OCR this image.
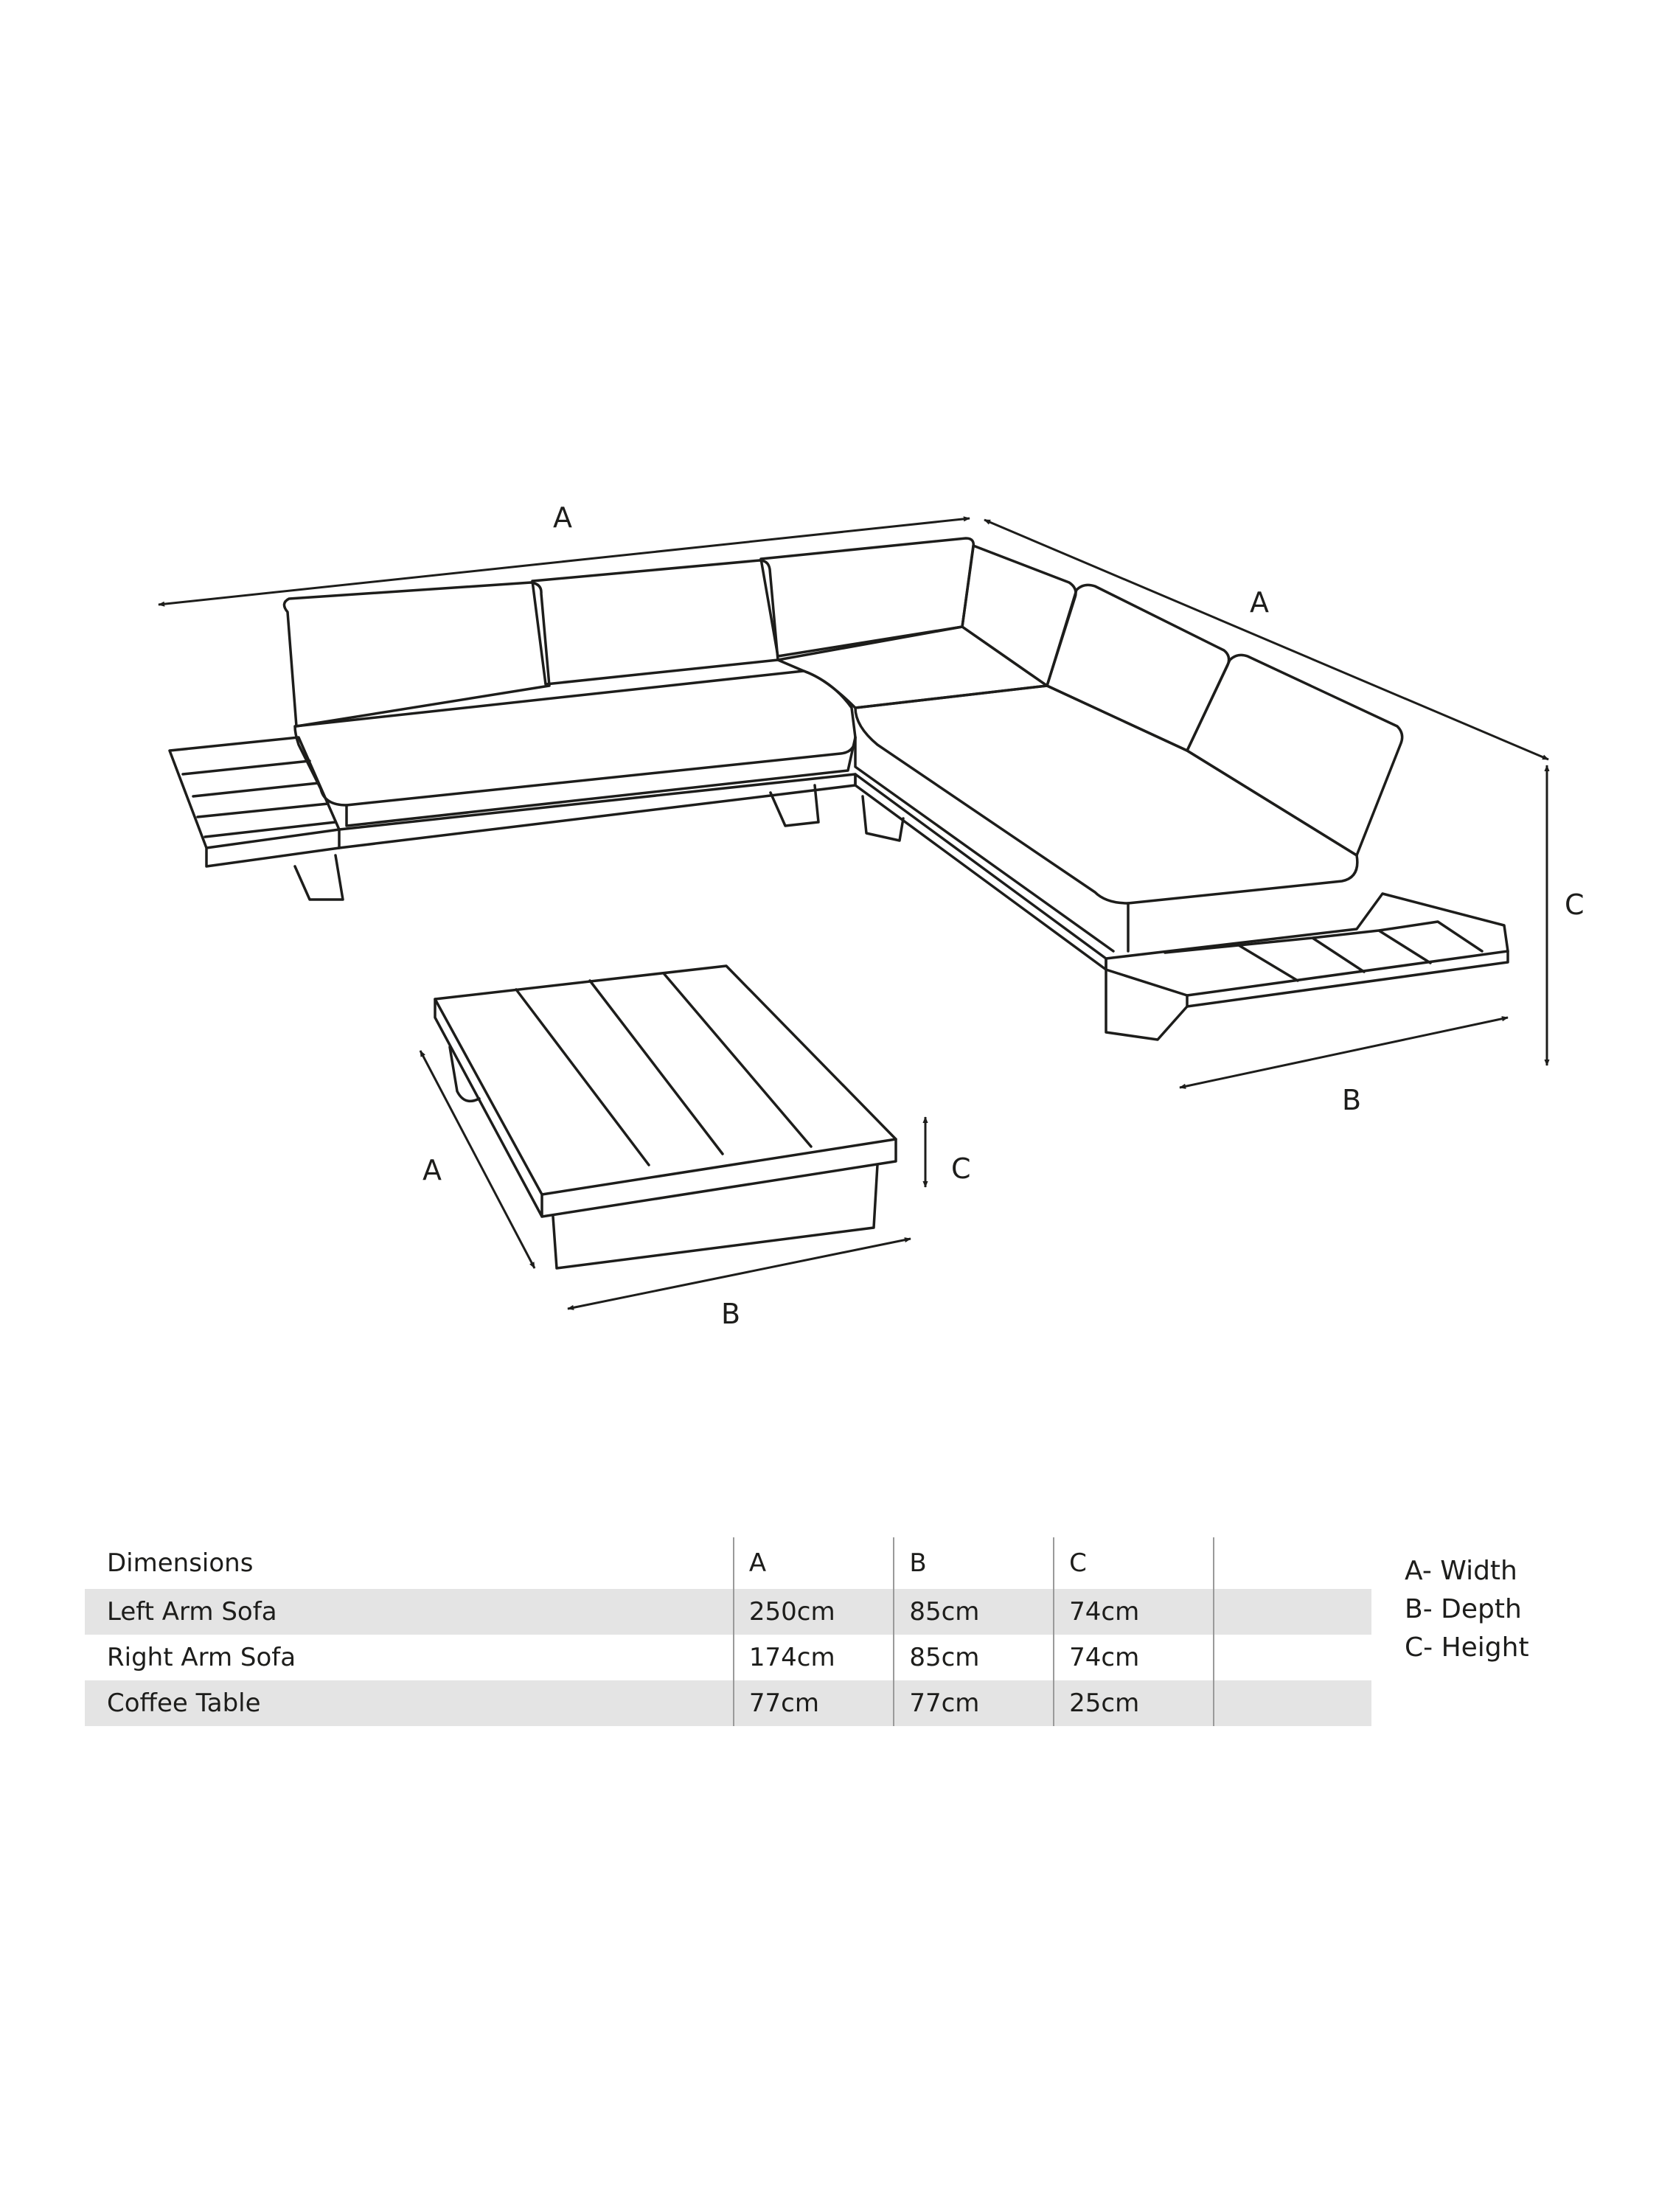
A
A
C
B
A	C
B
Dimensions	A	B	C	
Left Arm Sofa	250cm	85cm	74cm	
Right Arm Sofa	174cm	85cm	74cm	
Coffee Table	77cm	77cm	25cm	
A- Width
B- Depth
C- Height
